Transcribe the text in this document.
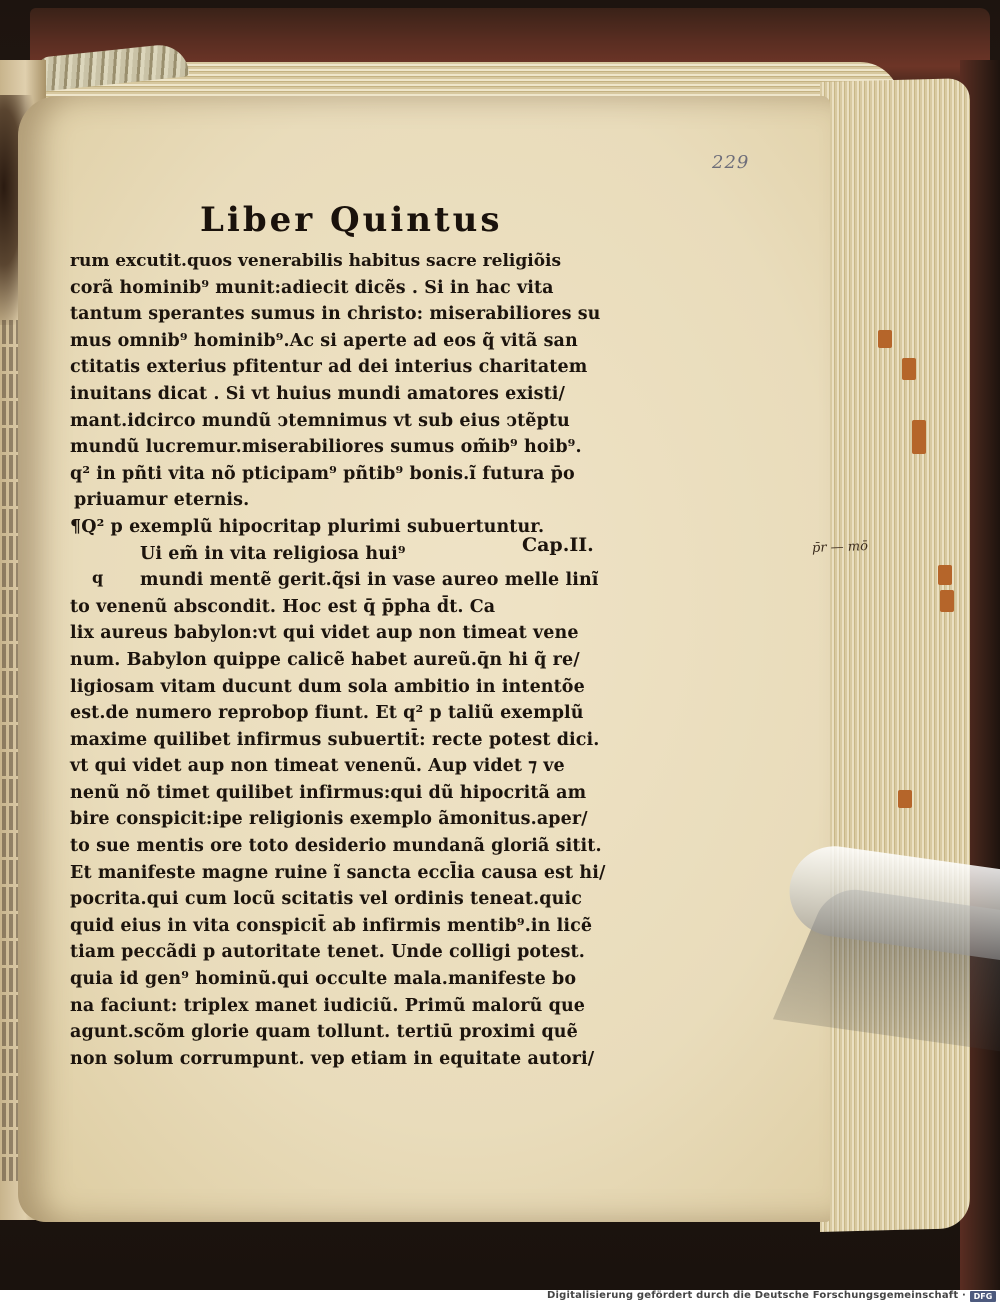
p̄r — mō
229
Liber Quintus
rum excutit.quos venerabilis habitus sacre religiõis
corã hominib⁹ munit:adiecit dicẽs . Si in hac vita
tantum sperantes sumus in christo: miserabiliores su
mus omnib⁹ hominib⁹.Ac si aperte ad eos q̃ vitã san
ctitatis exterius pfitentur ad dei interius charitatem
inuitans dicat . Si vt huius mundi amatores existi/
mant.idcirco mundũ ↄtemnimus vt sub eius ↄtẽptu
mundũ lucremur.miserabiliores sumus om̃ib⁹ hoib⁹.
q² in pñti vita nõ pticipam⁹ pñtib⁹ bonis.ĩ futura p̄o
priuamur eternis.
¶Q² p exemplũ hipocritap plurimi subuertuntur.
Ui em̃ in vita religiosa hui⁹
mundi mentẽ gerit.q̃si in vase aureo melle linĩ
to venenũ abscondit. Hoc est q̄ p̄pha d̄t. Ca
lix aureus babylon:vt qui videt aup non timeat vene
num. Babylon quippe calicẽ habet aureũ.q̄n hi q̃ re/
ligiosam vitam ducunt dum sola ambitio in intentõe
est.de numero reprobop fiunt. Et q² p taliũ exemplũ
maxime quilibet infirmus subuertit̄: recte potest dici.
vt qui videt aup non timeat venenũ. Aup videt ⁊ ve
nenũ nõ timet quilibet infirmus:qui dũ hipocritã am
bire conspicit:ipe religionis exemplo ãmonitus.aper/
to sue mentis ore toto desiderio mundanã gloriã sitit.
Et manifeste magne ruine ĩ sancta eccl̄ia causa est hi/
pocrita.qui cum locũ scitatis vel ordinis teneat.quic
quid eius in vita conspicit̄ ab infirmis mentib⁹.in licẽ
tiam peccãdi p autoritate tenet. Unde colligi potest.
quia id gen⁹ hominũ.qui occulte mala.manifeste bo
na faciunt: triplex manet iudiciũ. Primũ malorũ que
agunt.scõm glorie quam tollunt. tertiū proximi quẽ
non solum corrumpunt. vep etiam in equitate autori/
q
Cap.II.
Digitalisierung gefördert durch die Deutsche Forschungsgemeinschaft · DFG
